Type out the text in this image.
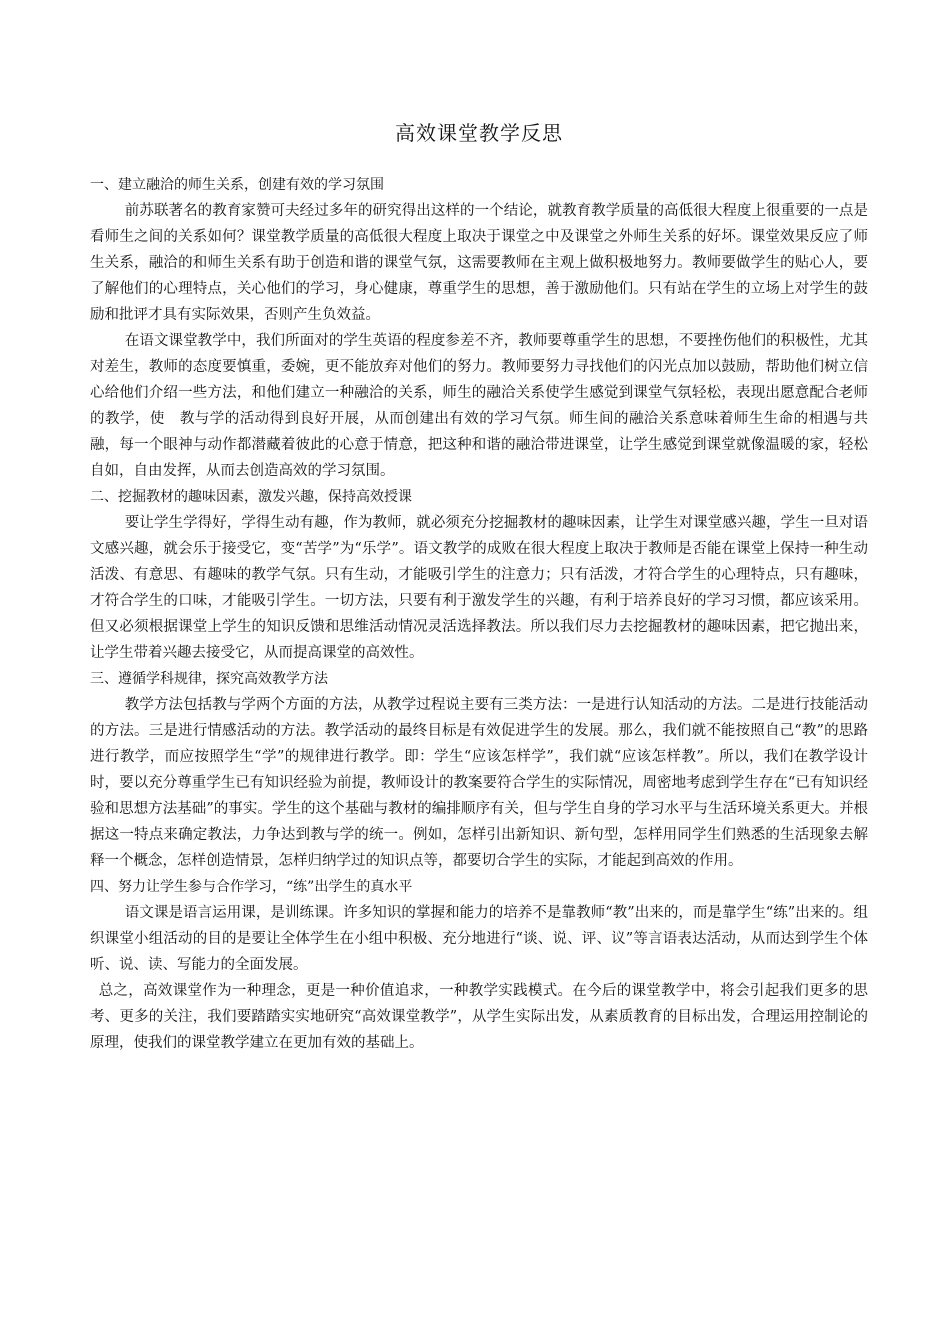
高效课堂教学反思

一、建立融洽的师生关系，创建有效的学习氛围

前苏联著名的教育家赞可夫经过多年的研究得出这样的一个结论，就教育教学质量的高低很大程度上很重要的一点是看师生之间的关系如何？课堂教学质量的高低很大程度上取决于课堂之中及课堂之外师生关系的好坏。课堂效果反应了师生关系，融洽的和师生关系有助于创造和谐的课堂气氛，这需要教师在主观上做积极地努力。教师要做学生的贴心人，要了解他们的心理特点，关心他们的学习，身心健康，尊重学生的思想，善于激励他们。只有站在学生的立场上对学生的鼓励和批评才具有实际效果，否则产生负效益。

在语文课堂教学中，我们所面对的学生英语的程度参差不齐，教师要尊重学生的思想，不要挫伤他们的积极性，尤其对差生，教师的态度要慎重，委婉，更不能放弃对他们的努力。教师要努力寻找他们的闪光点加以鼓励，帮助他们树立信心给他们介绍一些方法，和他们建立一种融洽的关系，师生的融洽关系使学生感觉到课堂气氛轻松，表现出愿意配合老师的教学，使　教与学的活动得到良好开展，从而创建出有效的学习气氛。师生间的融洽关系意味着师生生命的相遇与共融，每一个眼神与动作都潜藏着彼此的心意于情意，把这种和谐的融洽带进课堂，让学生感觉到课堂就像温暖的家，轻松自如，自由发挥，从而去创造高效的学习氛围。

二、挖掘教材的趣味因素，激发兴趣，保持高效授课

要让学生学得好，学得生动有趣，作为教师，就必须充分挖掘教材的趣味因素，让学生对课堂感兴趣，学生一旦对语文感兴趣，就会乐于接受它，变“苦学”为“乐学”。语文教学的成败在很大程度上取决于教师是否能在课堂上保持一种生动活泼、有意思、有趣味的教学气氛。只有生动，才能吸引学生的注意力；只有活泼，才符合学生的心理特点，只有趣味，才符合学生的口味，才能吸引学生。一切方法，只要有利于激发学生的兴趣，有利于培养良好的学习习惯，都应该采用。但又必须根据课堂上学生的知识反馈和思维活动情况灵活选择教法。所以我们尽力去挖掘教材的趣味因素，把它抛出来，让学生带着兴趣去接受它，从而提高课堂的高效性。

三、遵循学科规律，探究高效教学方法

教学方法包括教与学两个方面的方法，从教学过程说主要有三类方法：一是进行认知活动的方法。二是进行技能活动的方法。三是进行情感活动的方法。教学活动的最终目标是有效促进学生的发展。那么，我们就不能按照自己“教”的思路进行教学，而应按照学生“学”的规律进行教学。即：学生“应该怎样学”，我们就“应该怎样教”。所以，我们在教学设计时，要以充分尊重学生已有知识经验为前提，教师设计的教案要符合学生的实际情况，周密地考虑到学生存在“已有知识经验和思想方法基础”的事实。学生的这个基础与教材的编排顺序有关，但与学生自身的学习水平与生活环境关系更大。并根据这一特点来确定教法，力争达到教与学的统一。例如，怎样引出新知识、新句型，怎样用同学生们熟悉的生活现象去解释一个概念，怎样创造情景，怎样归纳学过的知识点等，都要切合学生的实际，才能起到高效的作用。

四、努力让学生参与合作学习，“练”出学生的真水平

语文课是语言运用课，是训练课。许多知识的掌握和能力的培养不是靠教师“教”出来的，而是靠学生“练”出来的。组织课堂小组活动的目的是要让全体学生在小组中积极、充分地进行“谈、说、评、议”等言语表达活动，从而达到学生个体听、说、读、写能力的全面发展。

总之，高效课堂作为一种理念，更是一种价值追求，一种教学实践模式。在今后的课堂教学中，将会引起我们更多的思考、更多的关注，我们要踏踏实实地研究“高效课堂教学”，从学生实际出发，从素质教育的目标出发，合理运用控制论的原理，使我们的课堂教学建立在更加有效的基础上。
